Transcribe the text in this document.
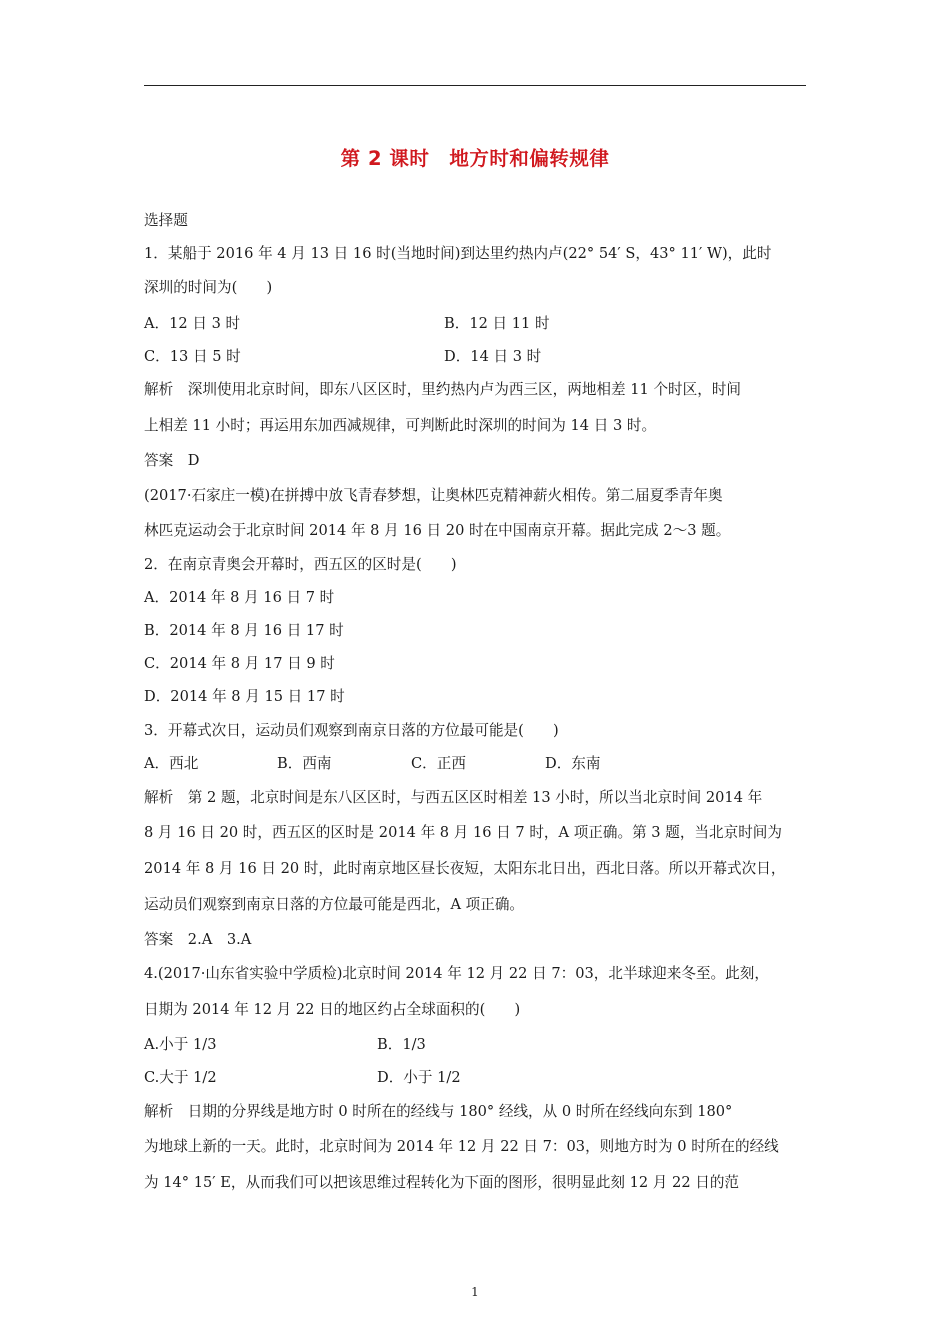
第 2 课时　地方时和偏转规律
选择题
1．某船于 2016 年 4 月 13 日 16 时(当地时间)到达里约热内卢(22° 54′ S，43° 11′ W)，此时
深圳的时间为(　　)
A．12 日 3 时	B．12 日 11 时
C．13 日 5 时	D．14 日 3 时
解析　深圳使用北京时间，即东八区区时，里约热内卢为西三区，两地相差 11 个时区，时间
上相差 11 小时；再运用东加西减规律，可判断此时深圳的时间为 14 日 3 时。
答案　D
(2017·石家庄一模)在拼搏中放飞青春梦想，让奥林匹克精神薪火相传。第二届夏季青年奥
林匹克运动会于北京时间 2014 年 8 月 16 日 20 时在中国南京开幕。据此完成 2～3 题。
2．在南京青奥会开幕时，西五区的区时是(　　)
A．2014 年 8 月 16 日 7 时
B．2014 年 8 月 16 日 17 时
C．2014 年 8 月 17 日 9 时
D．2014 年 8 月 15 日 17 时
3．开幕式次日，运动员们观察到南京日落的方位最可能是(　　)
A．西北	B．西南	C．正西	D．东南
解析　第 2 题，北京时间是东八区区时，与西五区区时相差 13 小时，所以当北京时间 2014 年
8 月 16 日 20 时，西五区的区时是 2014 年 8 月 16 日 7 时，A 项正确。第 3 题，当北京时间为
2014 年 8 月 16 日 20 时，此时南京地区昼长夜短，太阳东北日出，西北日落。所以开幕式次日，
运动员们观察到南京日落的方位最可能是西北，A 项正确。
答案　2.A　3.A
4.(2017·山东省实验中学质检)北京时间 2014 年 12 月 22 日 7：03，北半球迎来冬至。此刻，
日期为 2014 年 12 月 22 日的地区约占全球面积的(　　)
A.小于 1/3	B．1/3
C.大于 1/2	D．小于 1/2
解析　日期的分界线是地方时 0 时所在的经线与 180° 经线，从 0 时所在经线向东到 180°
为地球上新的一天。此时，北京时间为 2014 年 12 月 22 日 7：03，则地方时为 0 时所在的经线
为 14° 15′ E，从而我们可以把该思维过程转化为下面的图形，很明显此刻 12 月 22 日的范
1
